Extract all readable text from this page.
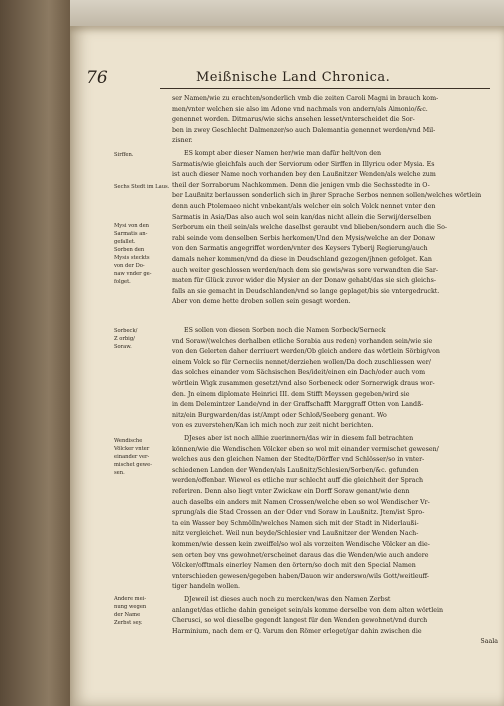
76	Meißnische Land Chronica.
ser Namen/wie zu erachten/sonderlich vmb die zeiten Caroli Magni in brauch kom-
men/vnter welchen sie also im Adone vnd nachmals von andern/als Aimonio/&c.
genennet worden. Ditmarus/wie sichs ansehen lesset/vnterscheidet die Sor-
ben in zwey Geschlecht Dalmenzer/so auch Dalemantia genennet werden/vnd Mil-
zisner.
ES kompt aber dieser Namen her/wie man dafür helt/von den
Sarmatis/wie gleichfals auch der Serviorum oder Sirffen in Illyricu oder Mysia. Es
ist auch dieser Name noch vorhanden bey den Laußnitzer Wenden/als welche zum
theil der Sorraborum Nachkommen. Denn die jenigen vmb die Sechsstedte in O-
ber Laußnitz berlaussen sonderlich sich in jhrer Sprache Serbos nennen sollen/welches wörtlein
denn auch Ptolemaeo nicht vnbekant/als welcher ein solch Volck nennet vnter den
Sarmatis in Asia/Das also auch wol sein kan/das nicht allein die Serwij/derselben
Serborum ein theil sein/als welche daselbst geraubt vnd blieben/sondern auch die So-
rabi seinde vom denselben Serbis herkomen/Und den Mysis/welche an der Donaw
von den Sarmatis angegriffet worden/vnter des Keysers Tyberij Regierung/auch
damals neher kommen/vnd da diese in Deudschland gezogen/jhnen gefolget. Kan
auch weiter geschlossen werden/nach dem sie gewis/was sore verwandten die Sar-
maten für Glück zuvor wider die Mysier an der Donaw gehabt/das sie sich gleichs-
falls an sie gemacht in Deudschlanden/vnd so lange geplaget/bis sie vntergedruckt.
Aber von deme hette droben sollen sein gesagt worden.
ES sollen von diesen Sorben noch die Namen Sorbeck/Serneck
vnd Soraw/(welches derhalben etliche Sorabia aus reden) vorhanden sein/wie sie
von den Gelerten daher derriuert werden/Ob gleich andere das wörtlein Sörbig/von
einem Volck so für Cerneciis nennet/derziehen wollen/Da doch zuschliessen wer/
das solches einander vom Sächsischen Bes/ideit/einen ein Dach/oder auch vom
wörtlein Wigk zusammen gesetzt/vnd also Sorbeneck oder Sornerwigk draus wor-
den. Jn einem diplomate Heinrici III. dem Stifft Meyssen gegeben/wird sie
in dem Delemintzer Lande/vnd in der Graffschafft Marggraff Otten von Landß-
nitz/ein Burgwarden/das ist/Ampt oder Schloß/Seeberg genant. Wo
von es zuverstehen/Kan ich mich noch zur zeit nicht berichten.
DJeses aber ist noch allhie zuerinnern/das wir in diesem fall betrachten
können/wie die Wendischen Völcker eben so wol mit einander vermischet gewesen/
welches aus den gleichen Namen der Stedte/Dörffer vnd Schlösser/so in vnter-
schiedenen Landen der Wenden/als Laußnitz/Schlesien/Sorben/&c. gefunden
werden/offenbar. Wiewol es etliche nur schlecht auff die gleichheit der Sprach
referiren. Denn also liegt vnter Zwickaw ein Dorff Soraw genant/wie denn
auch daselbs ein anders mit Namen Crossen/welche eben so wol Wendischer Vr-
sprung/als die Stad Crossen an der Oder vnd Soraw in Laußnitz. Jtem/ist Spro-
ta ein Wasser bey Schmölln/welches Namen sich mit der Stadt in Niderlaußi-
nitz vergleichet. Weil nun beyde/Schlesier vnd Laußnitzer der Wenden Nach-
kommen/wie dessen kein zweiffel/so wol als vorzeiten Wendische Völcker an die-
sen orten bey vns gewohnet/erscheinet daraus das die Wenden/wie auch andere
Völcker/offtmals einerley Namen den örtern/so doch mit den Special Namen
vnterschieden gewesen/gegeben haben/Dauon wir anderswo/wils Gott/weitleuff-
tiger handeln wollen.
DJeweil ist dieses auch noch zu mercken/was den Namen Zerbst
anlanget/das etliche dahin geneiget sein/als komme derselbe von dem alten wörtlein
Cherusci, so wol dieselbe gegendt langest für den Wenden gewohnet/vnd durch
Harminium, nach dem er Q. Varum den Römer erleget/gar dahin zwischen die
Saala
Sirffen.
Sechs Stedt im Laus.
Mysi von den
Sarmatis an-
gefallet.
Sorben den
Mysis steckts
von der Do-
naw vnder ge-
folget.
Sorbeck/
Z orbig/
Soraw.
Wendische
Völcker vnter
einander ver-
mischet gewe-
sen.
Andere mei-
nung wegen
der Name
Zerbst sey.
